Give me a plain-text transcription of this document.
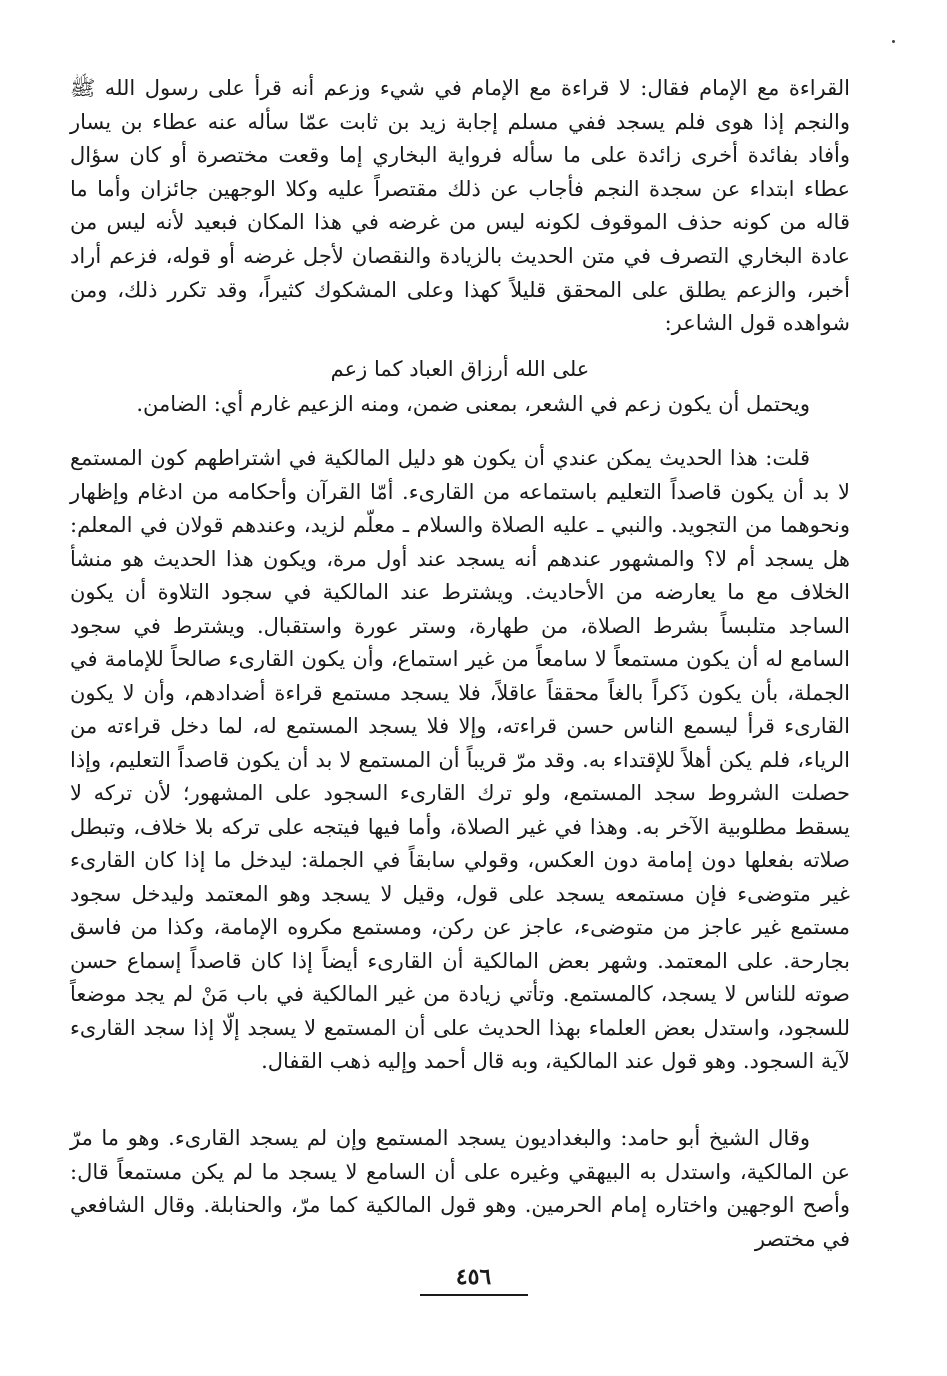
القراءة مع الإمام فقال: لا قراءة مع الإمام في شيء وزعم أنه قرأ على رسول الله ﷺ والنجم إذا هوى فلم يسجد ففي مسلم إجابة زيد بن ثابت عمّا سأله عنه عطاء بن يسار وأفاد بفائدة أخرى زائدة على ما سأله فرواية البخاري إما وقعت مختصرة أو كان سؤال عطاء ابتداء عن سجدة النجم فأجاب عن ذلك مقتصراً عليه وكلا الوجهين جائزان وأما ما قاله من كونه حذف الموقوف لكونه ليس من غرضه في هذا المكان فبعيد لأنه ليس من عادة البخاري التصرف في متن الحديث بالزيادة والنقصان لأجل غرضه أو قوله، فزعم أراد أخبر، والزعم يطلق على المحقق قليلاً كهذا وعلى المشكوك كثيراً، وقد تكرر ذلك، ومن شواهده قول الشاعر:

على الله أرزاق العباد كما زعم

ويحتمل أن يكون زعم في الشعر، بمعنى ضمن، ومنه الزعيم غارم أي: الضامن.

قلت: هذا الحديث يمكن عندي أن يكون هو دليل المالكية في اشتراطهم كون المستمع لا بد أن يكون قاصداً التعليم باستماعه من القارىء. أمّا القرآن وأحكامه من ادغام وإظهار ونحوهما من التجويد. والنبي ـ عليه الصلاة والسلام ـ معلّم لزيد، وعندهم قولان في المعلم: هل يسجد أم لا؟ والمشهور عندهم أنه يسجد عند أول مرة، ويكون هذا الحديث هو منشأ الخلاف مع ما يعارضه من الأحاديث. ويشترط عند المالكية في سجود التلاوة أن يكون الساجد متلبساً بشرط الصلاة، من طهارة، وستر عورة واستقبال. ويشترط في سجود السامع له أن يكون مستمعاً لا سامعاً من غير استماع، وأن يكون القارىء صالحاً للإمامة في الجملة، بأن يكون ذَكراً بالغاً محققاً عاقلاً، فلا يسجد مستمع قراءة أضدادهم، وأن لا يكون القارىء قرأ ليسمع الناس حسن قراءته، وإلا فلا يسجد المستمع له، لما دخل قراءته من الرياء، فلم يكن أهلاً للإقتداء به. وقد مرّ قريباً أن المستمع لا بد أن يكون قاصداً التعليم، وإذا حصلت الشروط سجد المستمع، ولو ترك القارىء السجود على المشهور؛ لأن تركه لا يسقط مطلوبية الآخر به. وهذا في غير الصلاة، وأما فيها فيتجه على تركه بلا خلاف، وتبطل صلاته بفعلها دون إمامة دون العكس، وقولي سابقاً في الجملة: ليدخل ما إذا كان القارىء غير متوضىء فإن مستمعه يسجد على قول، وقيل لا يسجد وهو المعتمد وليدخل سجود مستمع غير عاجز من متوضىء، عاجز عن ركن، ومستمع مكروه الإمامة، وكذا من فاسق بجارحة. على المعتمد. وشهر بعض المالكية أن القارىء أيضاً إذا كان قاصداً إسماع حسن صوته للناس لا يسجد، كالمستمع. وتأتي زيادة من غير المالكية في باب مَنْ لم يجد موضعاً للسجود، واستدل بعض العلماء بهذا الحديث على أن المستمع لا يسجد إلّا إذا سجد القارىء لآية السجود. وهو قول عند المالكية، وبه قال أحمد وإليه ذهب القفال.

وقال الشيخ أبو حامد: والبغداديون يسجد المستمع وإن لم يسجد القارىء. وهو ما مرّ عن المالكية، واستدل به البيهقي وغيره على أن السامع لا يسجد ما لم يكن مستمعاً قال: وأصح الوجهين واختاره إمام الحرمين. وهو قول المالكية كما مرّ، والحنابلة. وقال الشافعي في مختصر

٤٥٦
